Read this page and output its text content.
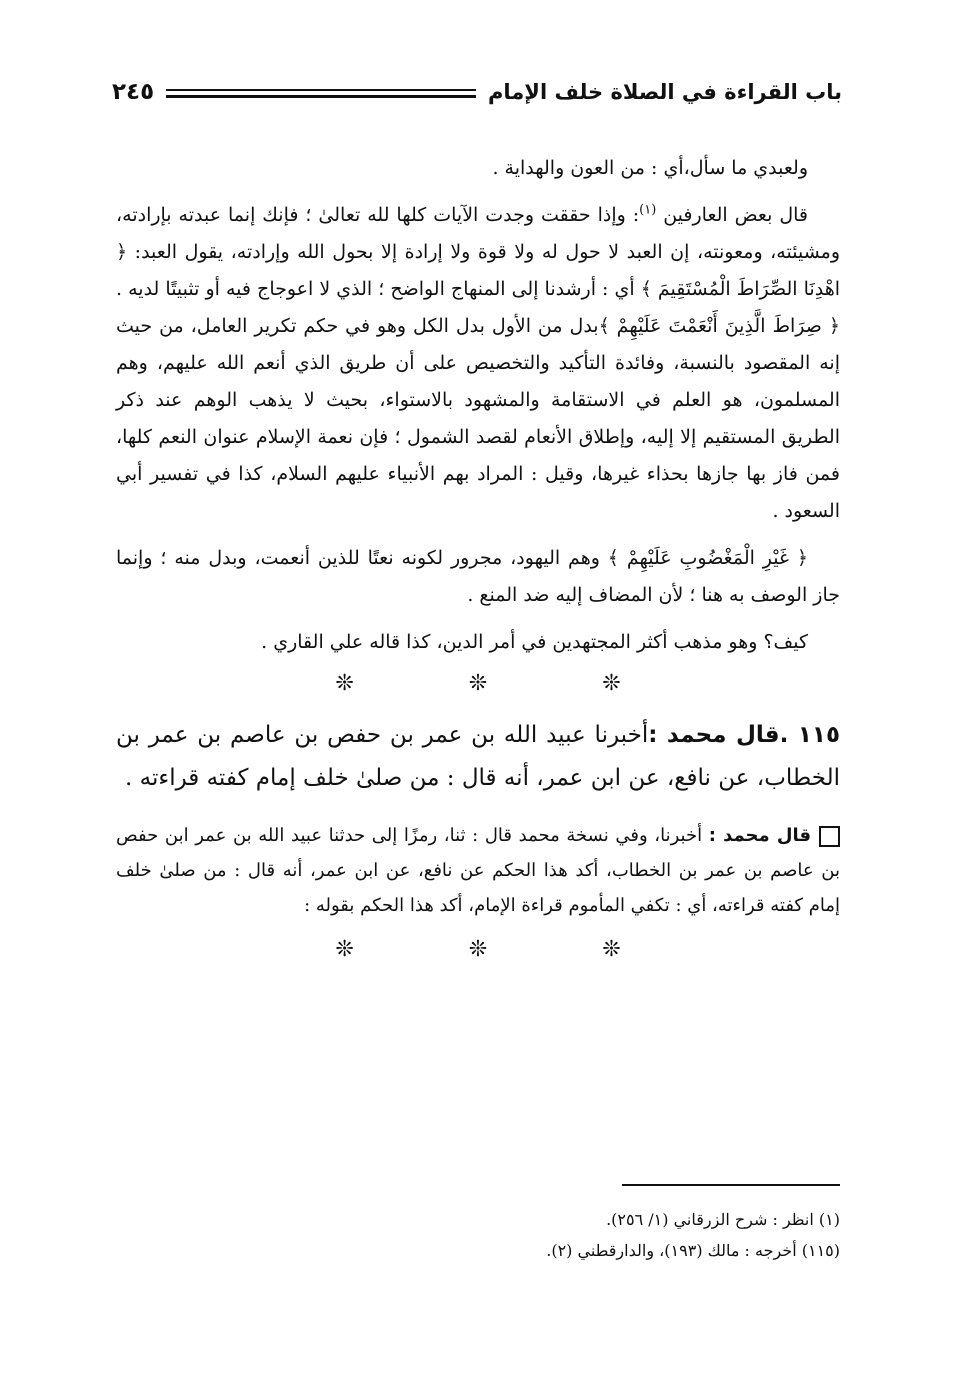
باب القراءة في الصلاة خلف الإمام
٢٤٥

ولعبدي ما سأل،أي : من العون والهداية .

قال بعض العارفين $^{(١)}$: وإذا حققت وجدت الآيات كلها لله تعالىٰ ؛ فإنك إنما عبدته بإرادته، ومشيئته، ومعونته، إن العبد لا حول له ولا قوة ولا إرادة إلا بحول الله وإرادته، يقول العبد: ﴿ اهْدِنَا الصِّرَاطَ الْمُسْتَقِيمَ ﴾ أي : أرشدنا إلى المنهاج الواضح ؛ الذي لا اعوجاج فيه أو تثبيتًا لديه . ﴿ صِرَاطَ الَّذِينَ أَنْعَمْتَ عَلَيْهِمْ ﴾بدل من الأول بدل الكل وهو في حكم تكرير العامل، من حيث إنه المقصود بالنسبة، وفائدة التأكيد والتخصيص على أن طريق الذي أنعم الله عليهم، وهم المسلمون، هو العلم في الاستقامة والمشهود بالاستواء، بحيث لا يذهب الوهم عند ذكر الطريق المستقيم إلا إليه، وإطلاق الأنعام لقصد الشمول ؛ فإن نعمة الإسلام عنوان النعم كلها، فمن فاز بها جازها بحذاء غيرها، وقيل : المراد بهم الأنبياء عليهم السلام، كذا في تفسير أبي السعود .

﴿ غَيْرِ الْمَغْضُوبِ عَلَيْهِمْ ﴾ وهم اليهود، مجرور لكونه نعتًا للذين أنعمت، وبدل منه ؛ وإنما جاز الوصف به هنا ؛ لأن المضاف إليه ضد المنع .

كيف؟ وهو مذهب أكثر المجتهدين في أمر الدين، كذا قاله علي القاري .

❊ ❊ ❊

١١٥ .قال محمد :أخبرنا عبيد الله بن عمر بن حفص بن عاصم بن عمر بن الخطاب، عن نافع، عن ابن عمر، أنه قال : من صلىٰ خلف إمام كفته قراءته .

قال محمد : أخبرنا، وفي نسخة محمد قال : ثنا، رمزًا إلى حدثنا عبيد الله بن عمر ابن حفص بن عاصم بن عمر بن الخطاب، أكد هذا الحكم عن نافع، عن ابن عمر، أنه قال : من صلىٰ خلف إمام كفته قراءته، أي : تكفي المأموم قراءة الإمام، أكد هذا الحكم بقوله :

❊ ❊ ❊
(١) انظر : شرح الزرقاني (١/ ٢٥٦).
(١١٥) أخرجه : مالك (١٩٣)، والدارقطني (٢).
